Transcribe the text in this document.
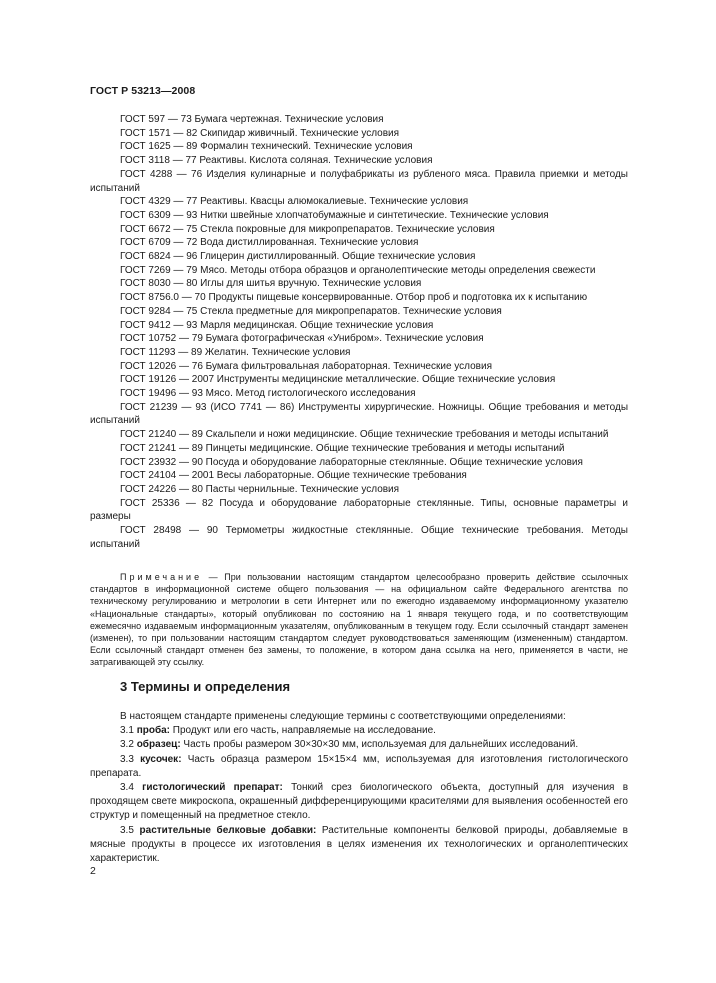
ГОСТ Р 53213—2008

ГОСТ 597 — 73 Бумага чертежная. Технические условия

ГОСТ 1571 — 82 Скипидар живичный. Технические условия

ГОСТ 1625 — 89 Формалин технический. Технические условия

ГОСТ 3118 — 77 Реактивы. Кислота соляная. Технические условия

ГОСТ 4288 — 76 Изделия кулинарные и полуфабрикаты из рубленого мяса. Правила приемки и методы испытаний

ГОСТ 4329 — 77 Реактивы. Квасцы алюмокалиевые. Технические условия

ГОСТ 6309 — 93 Нитки швейные хлопчатобумажные и синтетические. Технические условия

ГОСТ 6672 — 75 Стекла покровные для микропрепаратов. Технические условия

ГОСТ 6709 — 72 Вода дистиллированная. Технические условия

ГОСТ 6824 — 96 Глицерин дистиллированный. Общие технические условия

ГОСТ 7269 — 79 Мясо. Методы отбора образцов и органолептические методы определения свежести

ГОСТ 8030 — 80 Иглы для шитья вручную. Технические условия

ГОСТ 8756.0 — 70 Продукты пищевые консервированные. Отбор проб и подготовка их к испытанию

ГОСТ 9284 — 75 Стекла предметные для микропрепаратов. Технические условия

ГОСТ 9412 — 93 Марля медицинская. Общие технические условия

ГОСТ 10752 — 79 Бумага фотографическая «Унибром». Технические условия

ГОСТ 11293 — 89 Желатин. Технические условия

ГОСТ 12026 — 76 Бумага фильтровальная лабораторная. Технические условия

ГОСТ 19126 — 2007 Инструменты медицинские металлические. Общие технические условия

ГОСТ 19496 — 93 Мясо. Метод гистологического исследования

ГОСТ 21239 — 93 (ИСО 7741 — 86) Инструменты хирургические. Ножницы. Общие требования и методы испытаний

ГОСТ 21240 — 89 Скальпели и ножи медицинские. Общие технические требования и методы испытаний

ГОСТ 21241 — 89 Пинцеты медицинские. Общие технические требования и методы испытаний

ГОСТ 23932 — 90 Посуда и оборудование лабораторные стеклянные. Общие технические условия

ГОСТ 24104 — 2001 Весы лабораторные. Общие технические требования

ГОСТ 24226 — 80 Пасты чернильные. Технические условия

ГОСТ 25336 — 82 Посуда и оборудование лабораторные стеклянные. Типы, основные параметры и размеры

ГОСТ 28498 — 90 Термометры жидкостные стеклянные. Общие технические требования. Методы испытаний

Примечание — При пользовании настоящим стандартом целесообразно проверить действие ссылочных стандартов в информационной системе общего пользования — на официальном сайте Федерального агентства по техническому регулированию и метрологии в сети Интернет или по ежегодно издаваемому информационному указателю «Национальные стандарты», который опубликован по состоянию на 1 января текущего года, и по соответствующим ежемесячно издаваемым информационным указателям, опубликованным в текущем году. Если ссылочный стандарт заменен (изменен), то при пользовании настоящим стандартом следует руководствоваться заменяющим (измененным) стандартом. Если ссылочный стандарт отменен без замены, то положение, в котором дана ссылка на него, применяется в части, не затрагивающей эту ссылку.

3 Термины и определения

В настоящем стандарте применены следующие термины с соответствующими определениями:

3.1 проба: Продукт или его часть, направляемые на исследование.

3.2 образец: Часть пробы размером 30×30×30 мм, используемая для дальнейших исследований.

3.3 кусочек: Часть образца размером 15×15×4 мм, используемая для изготовления гистологического препарата.

3.4 гистологический препарат: Тонкий срез биологического объекта, доступный для изучения в проходящем свете микроскопа, окрашенный дифференцирующими красителями для выявления особенностей его структур и помещенный на предметное стекло.

3.5 растительные белковые добавки: Растительные компоненты белковой природы, добавляемые в мясные продукты в процессе их изготовления в целях изменения их технологических и органолептических характеристик.

2
